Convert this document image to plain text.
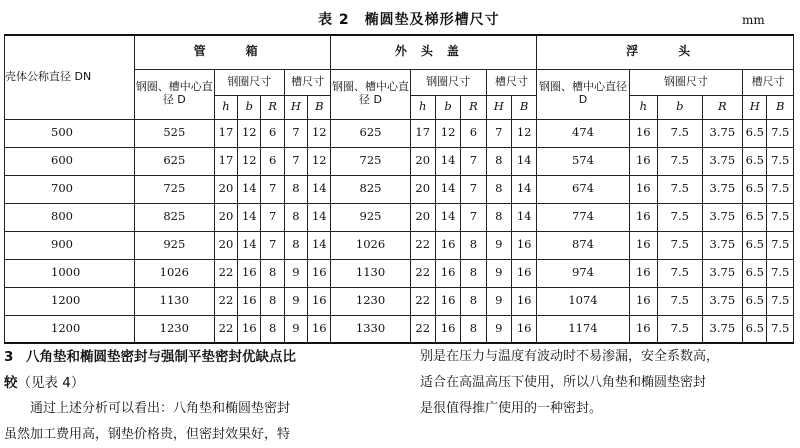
表 2　椭圆垫及梯形槽尺寸	mm
壳体公称直径 DN	管　箱						外头盖						浮　头					
	钢圈、槽中心直径 D	钢圈尺寸			槽尺寸		钢圈、槽中心直径 D	钢圈尺寸			槽尺寸		钢圈、槽中心直径 D	钢圈尺寸			槽尺寸	
		h	b	R	H	B		h	b	R	H	B		h	b	R	H	B
500	525	17	12	6	7	12	625	17	12	6	7	12	474	16	7.5	3.75	6.5	7.5
600	625	17	12	6	7	12	725	20	14	7	8	14	574	16	7.5	3.75	6.5	7.5
700	725	20	14	7	8	14	825	20	14	7	8	14	674	16	7.5	3.75	6.5	7.5
800	825	20	14	7	8	14	925	20	14	7	8	14	774	16	7.5	3.75	6.5	7.5
900	925	20	14	7	8	14	1026	22	16	8	9	16	874	16	7.5	3.75	6.5	7.5
1000	1026	22	16	8	9	16	1130	22	16	8	9	16	974	16	7.5	3.75	6.5	7.5
1200	1130	22	16	8	9	16	1230	22	16	8	9	16	1074	16	7.5	3.75	6.5	7.5
1200	1230	22	16	8	9	16	1330	22	16	8	9	16	1174	16	7.5	3.75	6.5	7.5
3 八角垫和椭圆垫密封与强制平垫密封优缺点比
较（见表 4）
通过上述分析可以看出：八角垫和椭圆垫密封
虽然加工费用高，钢垫价格贵，但密封效果好，特
别是在压力与温度有波动时不易渗漏，安全系数高，
适合在高温高压下使用，所以八角垫和椭圆垫密封
是很值得推广使用的一种密封。
